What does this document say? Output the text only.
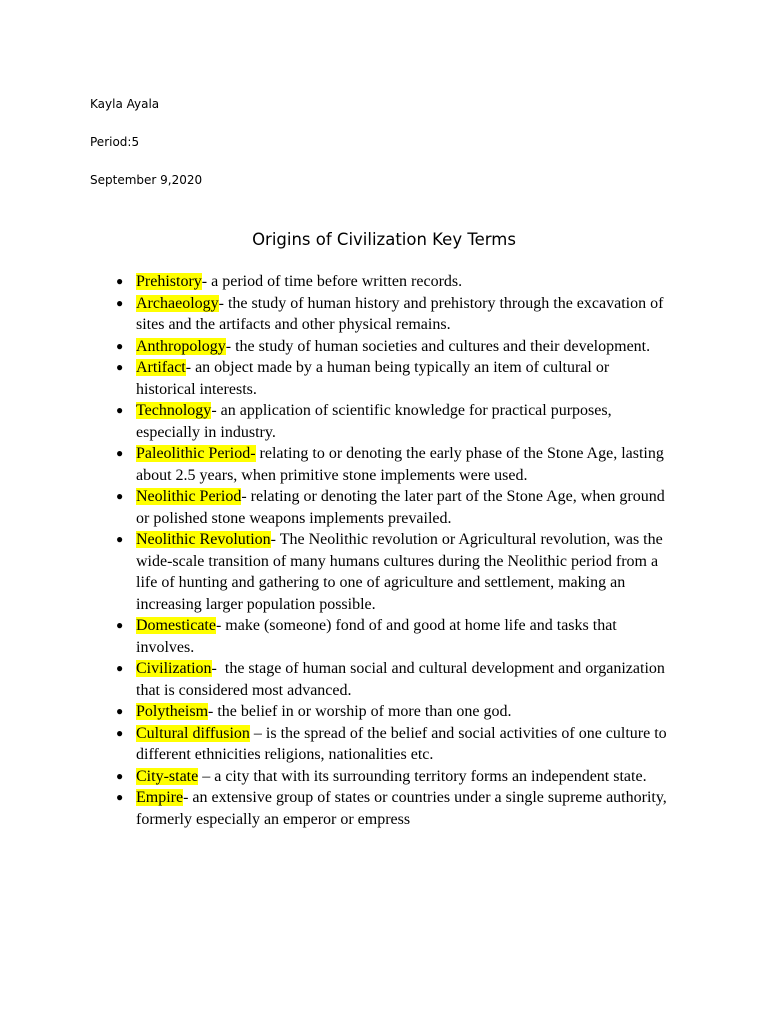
Kayla Ayala
Period:5
September 9,2020
Origins of Civilization Key Terms
● Prehistory- a period of time before written records.
● Archaeology- the study of human history and prehistory through the excavation of sites and the artifacts and other physical remains.
● Anthropology- the study of human societies and cultures and their development.
● Artifact- an object made by a human being typically an item of cultural or historical interests.
● Technology- an application of scientific knowledge for practical purposes, especially in industry.
● Paleolithic Period- relating to or denoting the early phase of the Stone Age, lasting about 2.5 years, when primitive stone implements were used.
● Neolithic Period- relating or denoting the later part of the Stone Age, when ground or polished stone weapons implements prevailed.
● Neolithic Revolution- The Neolithic revolution or Agricultural revolution, was the wide-scale transition of many humans cultures during the Neolithic period from a life of hunting and gathering to one of agriculture and settlement, making an increasing larger population possible.
● Domesticate- make (someone) fond of and good at home life and tasks that involves.
● Civilization-  the stage of human social and cultural development and organization that is considered most advanced.
● Polytheism- the belief in or worship of more than one god.
● Cultural diffusion – is the spread of the belief and social activities of one culture to different ethnicities religions, nationalities etc.
● City-state – a city that with its surrounding territory forms an independent state.
● Empire- an extensive group of states or countries under a single supreme authority, formerly especially an emperor or empress
